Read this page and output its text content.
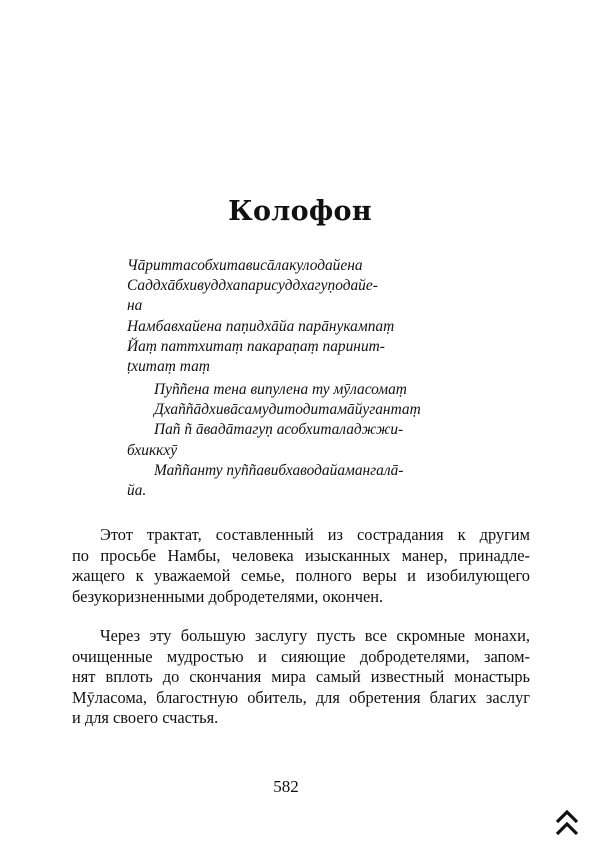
Колофон
Чāриттасобхитависāлакулодайена
Саддхāбхивуддхапарисуддхагуṇодайе-
на
Намбавхайена паṇидхāйа парāнукампаṃ
Йаṃ паттхитаṃ пакараṇаṃ паринит-
ṭхитаṃ таṃ
Пуññена тена випулена ту мӯласомаṃ
Дхаññāдхивāсамудитодитамāйугантаṃ
Паñ ñ āвадāтагуṇ асобхиталаджжи-
бхиккхӯ
Маññанту пуññавибхаводайамангалā-
йа.
Этот трактат, составленный из сострадания к другим
по просьбе Намбы, человека изысканных манер, принадле-
жащего к уважаемой семье, полного веры и изобилующего
безукоризненными добродетелями, окончен.
Через эту большую заслугу пусть все скромные монахи,
очищенные мудростью и сияющие добродетелями, запом-
нят вплоть до скончания мира самый известный монастырь
Мӯласома, благостную обитель, для обретения благих заслуг
и для своего счастья.
582
